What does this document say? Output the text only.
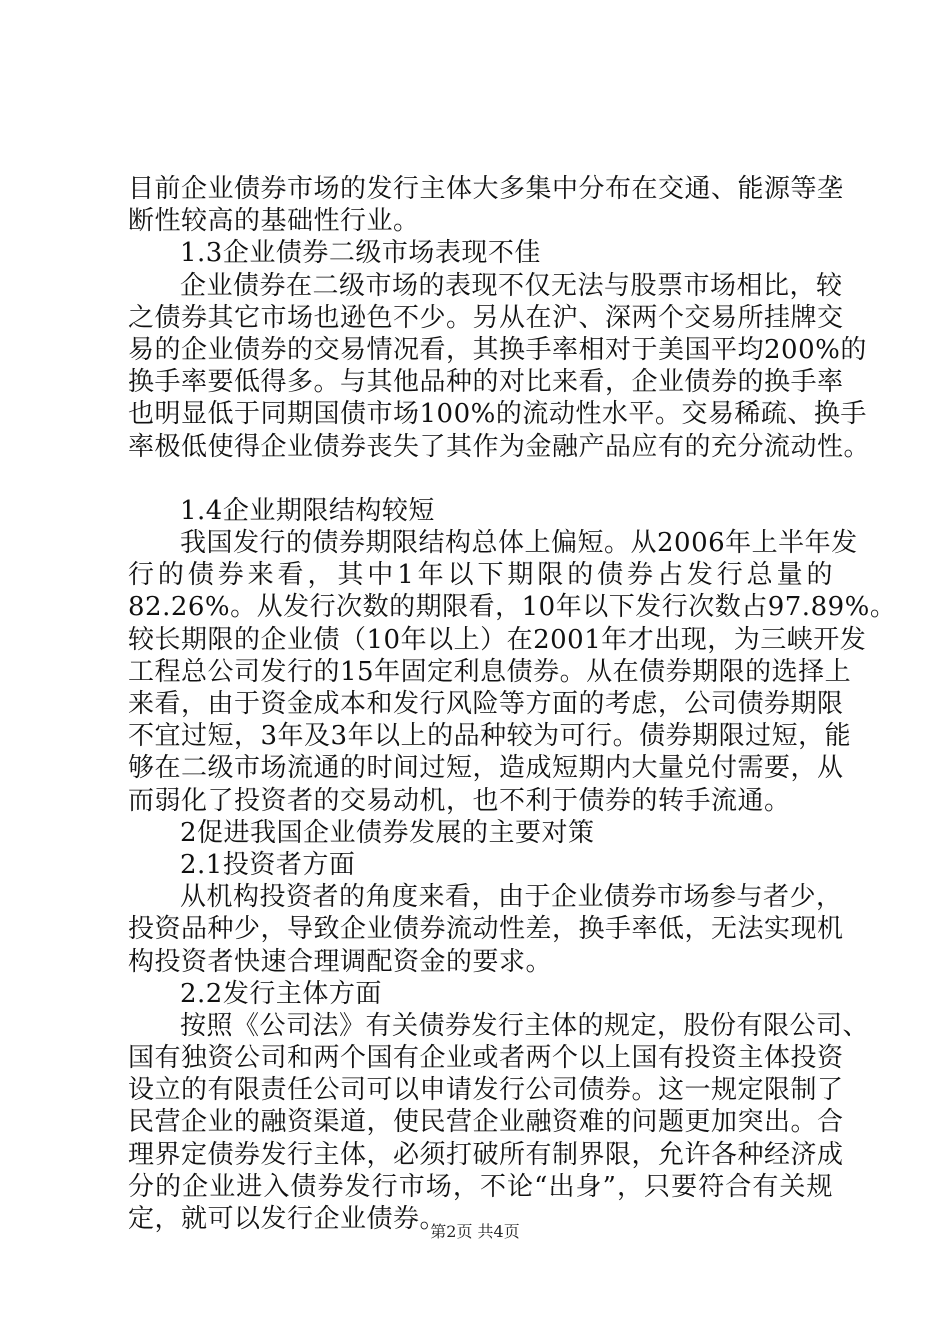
目前企业债券市场的发行主体大多集中分布在交通、能源等垄
断性较高的基础性行业。
1.3企业债券二级市场表现不佳
企业债券在二级市场的表现不仅无法与股票市场相比，较
之债券其它市场也逊色不少。另从在沪、深两个交易所挂牌交
易的企业债券的交易情况看，其换手率相对于美国平均200%的
换手率要低得多。与其他品种的对比来看，企业债券的换手率
也明显低于同期国债市场100%的流动性水平。交易稀疏、换手
率极低使得企业债券丧失了其作为金融产品应有的充分流动性。
1.4企业期限结构较短
我国发行的债券期限结构总体上偏短。从2006年上半年发
行的债券来看，其中1年以下期限的债券占发行总量的
82.26%。从发行次数的期限看，10年以下发行次数占97.89%。
较长期限的企业债（10年以上）在2001年才出现，为三峡开发
工程总公司发行的15年固定利息债券。从在债券期限的选择上
来看，由于资金成本和发行风险等方面的考虑，公司债券期限
不宜过短，3年及3年以上的品种较为可行。债券期限过短，能
够在二级市场流通的时间过短，造成短期内大量兑付需要，从
而弱化了投资者的交易动机，也不利于债券的转手流通。
2促进我国企业债券发展的主要对策
2.1投资者方面
从机构投资者的角度来看，由于企业债券市场参与者少，
投资品种少，导致企业债券流动性差，换手率低，无法实现机
构投资者快速合理调配资金的要求。
2.2发行主体方面
按照《公司法》有关债券发行主体的规定，股份有限公司、
国有独资公司和两个国有企业或者两个以上国有投资主体投资
设立的有限责任公司可以申请发行公司债券。这一规定限制了
民营企业的融资渠道，使民营企业融资难的问题更加突出。合
理界定债券发行主体，必须打破所有制界限，允许各种经济成
分的企业进入债券发行市场，不论“出身”，只要符合有关规
定，就可以发行企业债券。
第2页 共4页
